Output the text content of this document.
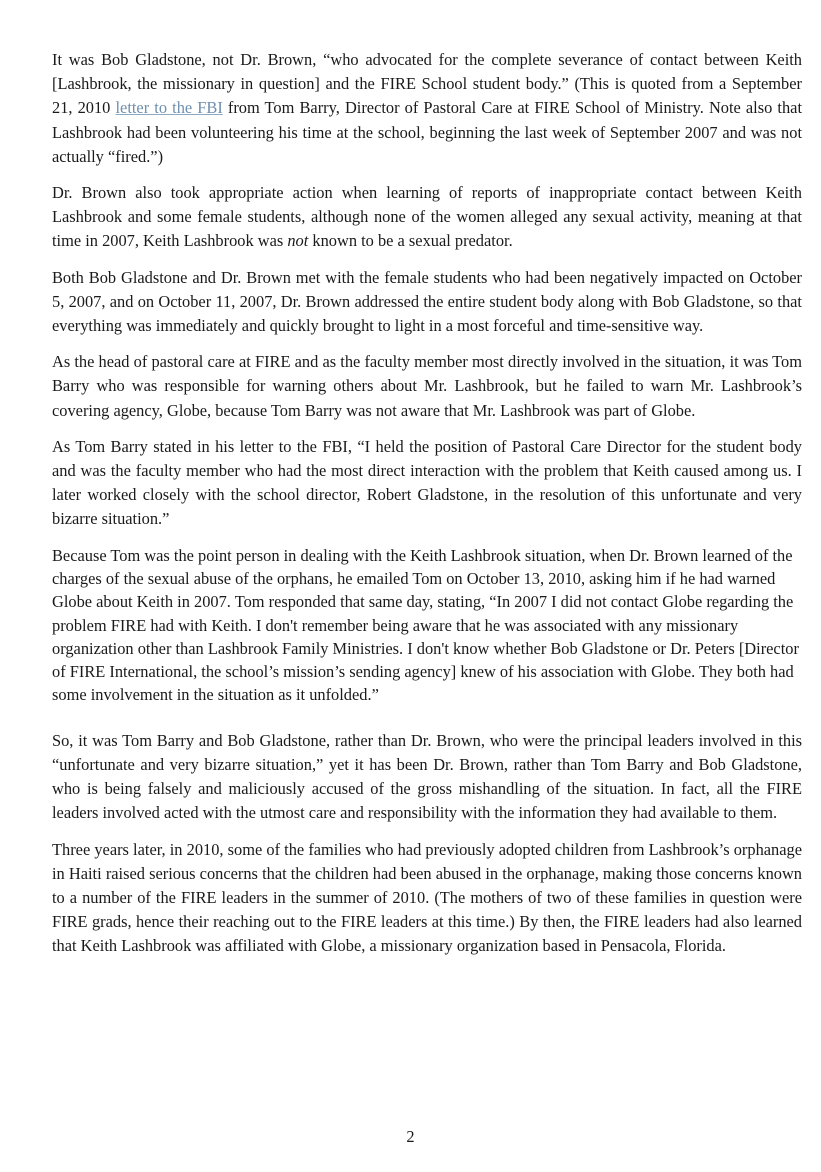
It was Bob Gladstone, not Dr. Brown, “who advocated for the complete severance of contact between Keith [Lashbrook, the missionary in question] and the FIRE School student body.” (This is quoted from a September 21, 2010 letter to the FBI from Tom Barry, Director of Pastoral Care at FIRE School of Ministry. Note also that Lashbrook had been volunteering his time at the school, beginning the last week of September 2007 and was not actually “fired.”)

Dr. Brown also took appropriate action when learning of reports of inappropriate contact between Keith Lashbrook and some female students, although none of the women alleged any sexual activity, meaning at that time in 2007, Keith Lashbrook was not known to be a sexual predator.

Both Bob Gladstone and Dr. Brown met with the female students who had been negatively impacted on October 5, 2007, and on October 11, 2007, Dr. Brown addressed the entire student body along with Bob Gladstone, so that everything was immediately and quickly brought to light in a most forceful and time-sensitive way.

As the head of pastoral care at FIRE and as the faculty member most directly involved in the situation, it was Tom Barry who was responsible for warning others about Mr. Lashbrook, but he failed to warn Mr. Lashbrook’s covering agency, Globe, because Tom Barry was not aware that Mr. Lashbrook was part of Globe.

As Tom Barry stated in his letter to the FBI, “I held the position of Pastoral Care Director for the student body and was the faculty member who had the most direct interaction with the problem that Keith caused among us. I later worked closely with the school director, Robert Gladstone, in the resolution of this unfortunate and very bizarre situation.”

Because Tom was the point person in dealing with the Keith Lashbrook situation, when Dr. Brown learned of the charges of the sexual abuse of the orphans, he emailed Tom on October 13, 2010, asking him if he had warned Globe about Keith in 2007. Tom responded that same day, stating, “In 2007 I did not contact Globe regarding the problem FIRE had with Keith. I don't remember being aware that he was associated with any missionary organization other than Lashbrook Family Ministries. I don't know whether Bob Gladstone or Dr. Peters [Director of FIRE International, the school’s mission’s sending agency] knew of his association with Globe. They both had some involvement in the situation as it unfolded.”

So, it was Tom Barry and Bob Gladstone, rather than Dr. Brown, who were the principal leaders involved in this “unfortunate and very bizarre situation,” yet it has been Dr. Brown, rather than Tom Barry and Bob Gladstone, who is being falsely and maliciously accused of the gross mishandling of the situation. In fact, all the FIRE leaders involved acted with the utmost care and responsibility with the information they had available to them.

Three years later, in 2010, some of the families who had previously adopted children from Lashbrook’s orphanage in Haiti raised serious concerns that the children had been abused in the orphanage, making those concerns known to a number of the FIRE leaders in the summer of 2010. (The mothers of two of these families in question were FIRE grads, hence their reaching out to the FIRE leaders at this time.) By then, the FIRE leaders had also learned that Keith Lashbrook was affiliated with Globe, a missionary organization based in Pensacola, Florida.

2
